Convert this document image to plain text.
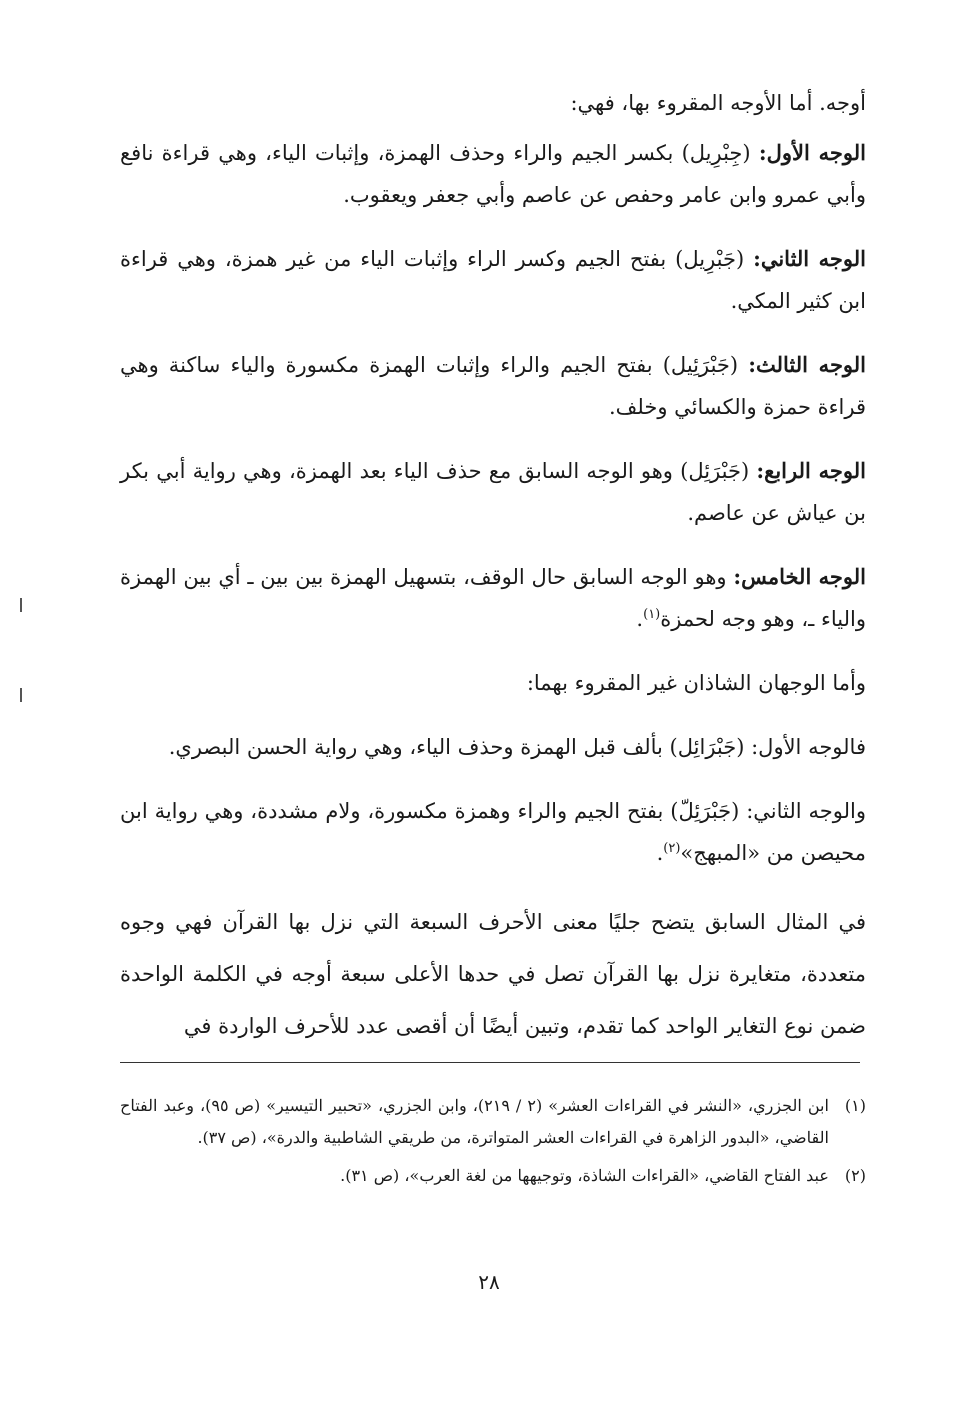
أوجه. أما الأوجه المقروء بها، فهي:

الوجه الأول: (جِبْرِيل) بكسر الجيم والراء وحذف الهمزة، وإثبات الياء، وهي قراءة نافع وأبي عمرو وابن عامر وحفص عن عاصم وأبي جعفر ويعقوب.

الوجه الثاني: (جَبْرِيل) بفتح الجيم وكسر الراء وإثبات الياء من غير همزة، وهي قراءة ابن كثير المكي.

الوجه الثالث: (جَبْرَئِيل) بفتح الجيم والراء وإثبات الهمزة مكسورة والياء ساكنة وهي قراءة حمزة والكسائي وخلف.

الوجه الرابع: (جَبْرَئِل) وهو الوجه السابق مع حذف الياء بعد الهمزة، وهي رواية أبي بكر بن عياش عن عاصم.

الوجه الخامس: وهو الوجه السابق حال الوقف، بتسهيل الهمزة بين بين ـ أي بين الهمزة والياء ـ، وهو وجه لحمزة$^{(١)}$.

وأما الوجهان الشاذان غير المقروء بهما:

فالوجه الأول: (جَبْرَائِل) بألف قبل الهمزة وحذف الياء، وهي رواية الحسن البصري.

والوجه الثاني: (جَبْرَئِلّ) بفتح الجيم والراء وهمزة مكسورة، ولام مشددة، وهي رواية ابن محيصن من «المبهج»$^{(٢)}$.

في المثال السابق يتضح جليًا معنى الأحرف السبعة التي نزل بها القرآن فهي وجوه متعددة، متغايرة نزل بها القرآن تصل في حدها الأعلى سبعة أوجه في الكلمة الواحدة ضمن نوع التغاير الواحد كما تقدم، وتبين أيضًا أن أقصى عدد للأحرف الواردة في

(١)
ابن الجزري، «النشر في القراءات العشر» (٢ / ٢١٩)، وابن الجزري، «تحبير التيسير» (ص ٩٥)، وعبد الفتاح القاضي، «البدور الزاهرة في القراءات العشر المتواترة، من طريقي الشاطبية والدرة»، (ص ٣٧).
(٢)
عبد الفتاح القاضي، «القراءات الشاذة، وتوجيهها من لغة العرب»، (ص ٣١).
٢٨
